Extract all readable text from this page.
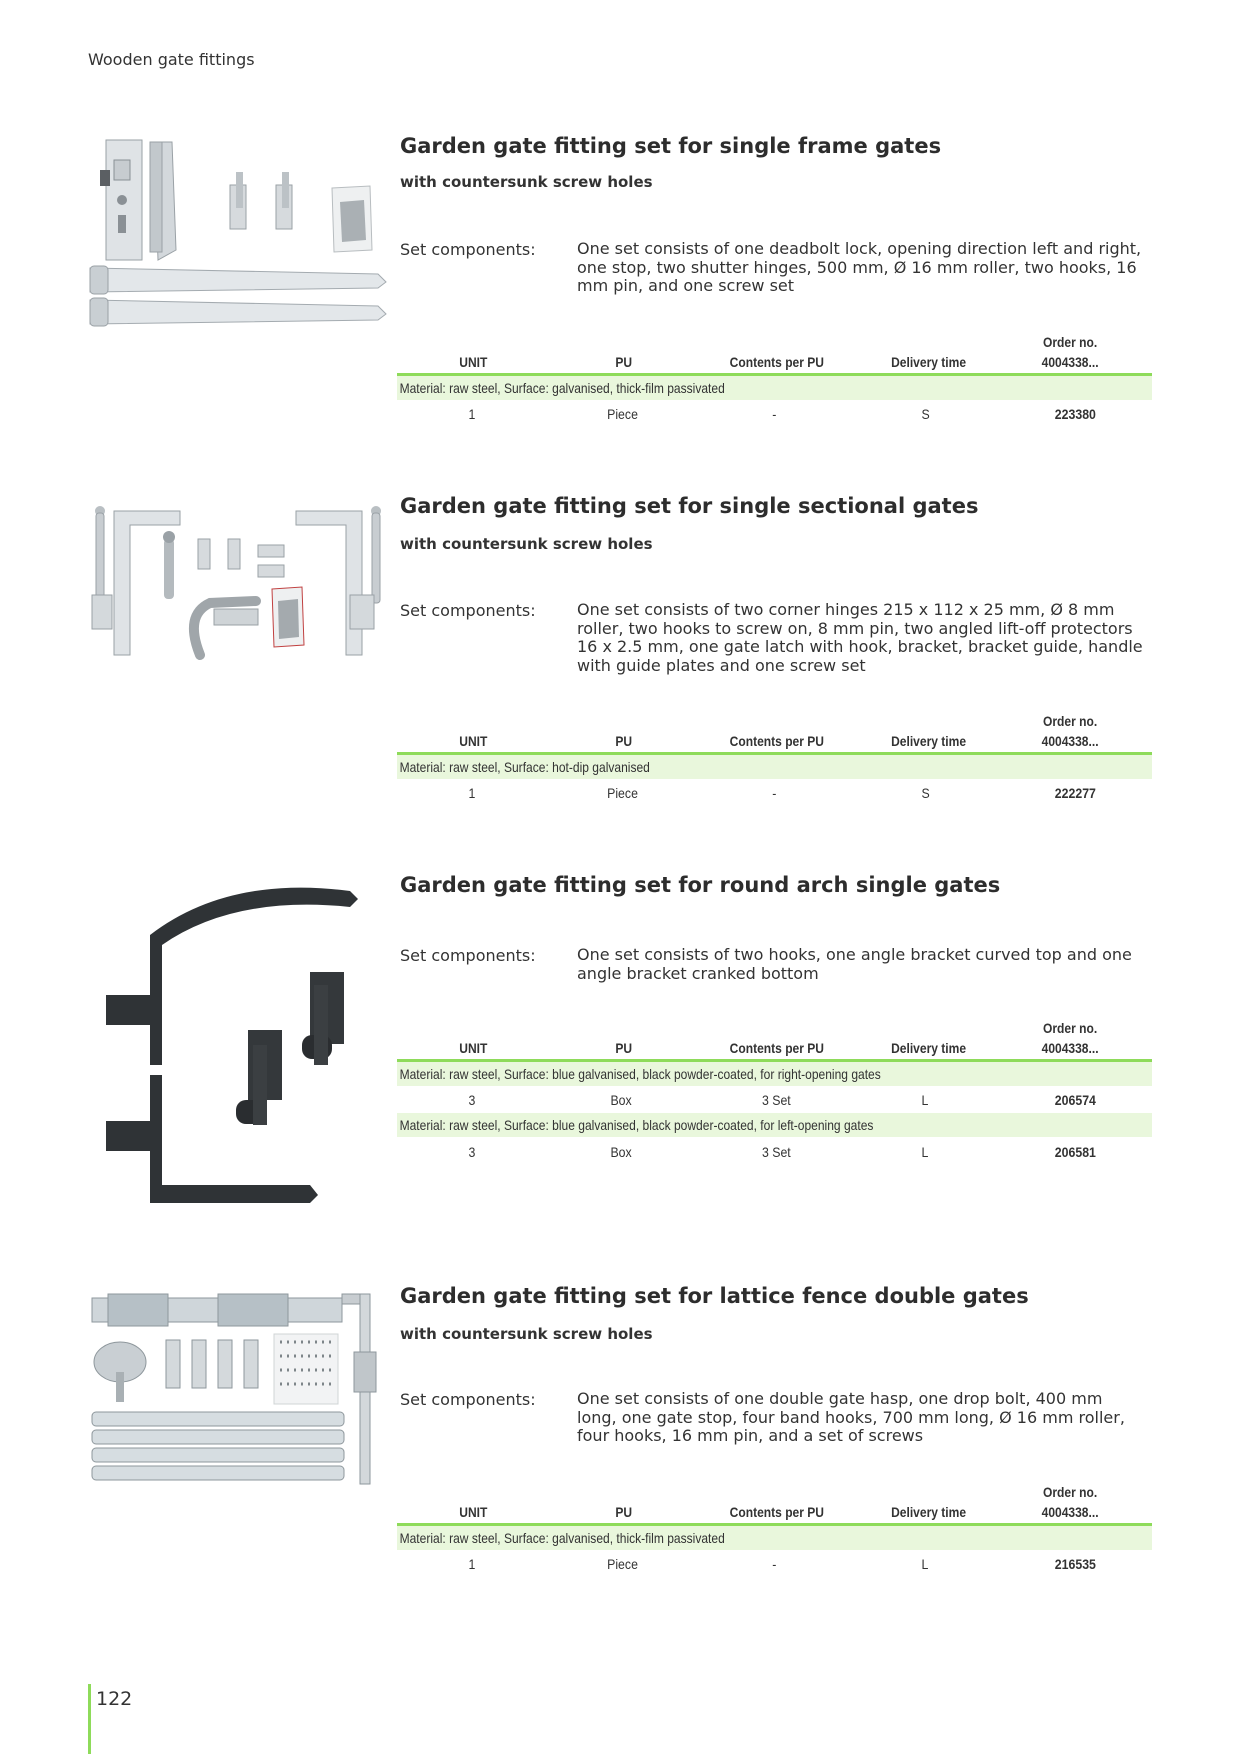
Wooden gate fittings
Garden gate fitting set for single frame gates
with countersunk screw holes
Set components:	One set consists of one deadbolt lock, opening direction left and right, one stop, two shutter hinges, 500 mm, Ø 16 mm roller, two hooks, 16 mm pin, and one screw set
UNIT	PU	Contents per PU	Delivery time
Order no.
4004338...
Material: raw steel, Surface: galvanised, thick-film passivated
1	Piece	-	S	223380
Garden gate fitting set for single sectional gates
with countersunk screw holes
Set components:	One set consists of two corner hinges 215 x 112 x 25 mm, Ø 8 mm roller, two hooks to screw on, 8 mm pin, two angled lift-off protectors 16 x 2.5 mm, one gate latch with hook, bracket, bracket guide, handle with guide plates and one screw set
UNIT	PU	Contents per PU	Delivery time
Order no.
4004338...
Material: raw steel, Surface: hot-dip galvanised
1	Piece	-	S	222277
Garden gate fitting set for round arch single gates
Set components:	One set consists of two hooks, one angle bracket curved top and one angle bracket cranked bottom
UNIT	PU	Contents per PU	Delivery time
Order no.
4004338...
Material: raw steel, Surface: blue galvanised, black powder-coated, for right-opening gates
3	Box	3 Set	L	206574
Material: raw steel, Surface: blue galvanised, black powder-coated, for left-opening gates
3	Box	3 Set	L	206581
Garden gate fitting set for lattice fence double gates
with countersunk screw holes
Set components:	One set consists of one double gate hasp, one drop bolt, 400 mm long, one gate stop, four band hooks, 700 mm long, Ø 16 mm roller, four hooks, 16 mm pin, and a set of screws
UNIT	PU	Contents per PU	Delivery time
Order no.
4004338...
Material: raw steel, Surface: galvanised, thick-film passivated
1	Piece	-	L	216535
122
